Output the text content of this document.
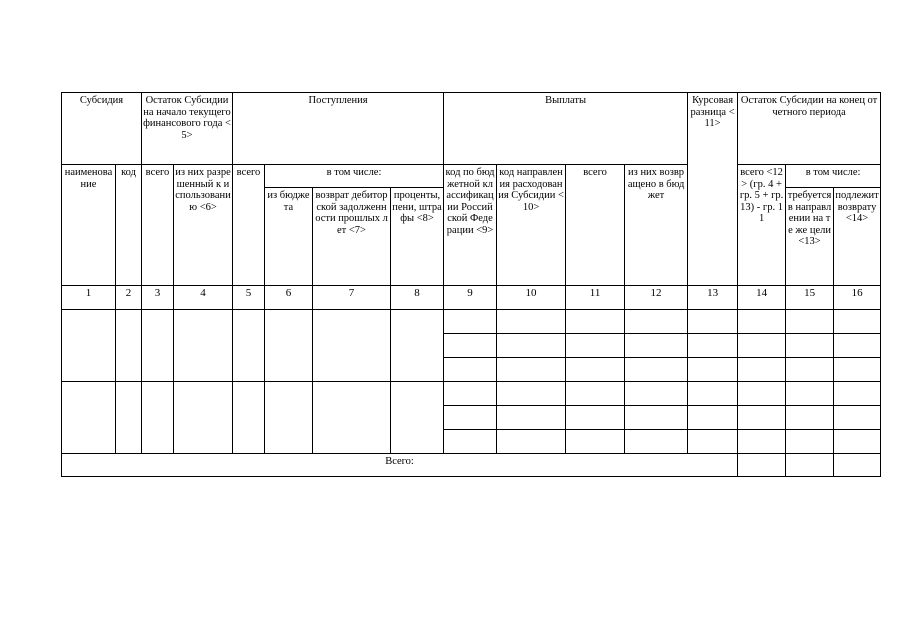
Субсидия		Остаток Субсидии на начало текущего финансового года <5>		Поступления				Выплаты				Курсовая разница <11>	Остаток Субсидии на конец отчетного периода		
наименование	код	всего	из них разрешенный к использованию <6>	всего	в том числе:			код по бюджетной классификации Российской Федерации <9>	код направления расходования Субсидии <10>	всего	из них возвращено в бюджет		всего <12> (гр. 4 + гр. 5 + гр. 13) - гр. 11	в том числе:	
					из бюджета	возврат дебиторской задолженности прошлых лет <7>	проценты, пени, штрафы <8>							требуется в направлении на те же цели <13>	подлежит возврату <14>
1	2	3	4	5	6	7	8	9	10	11	12	13	14	15	16

Всего:															
